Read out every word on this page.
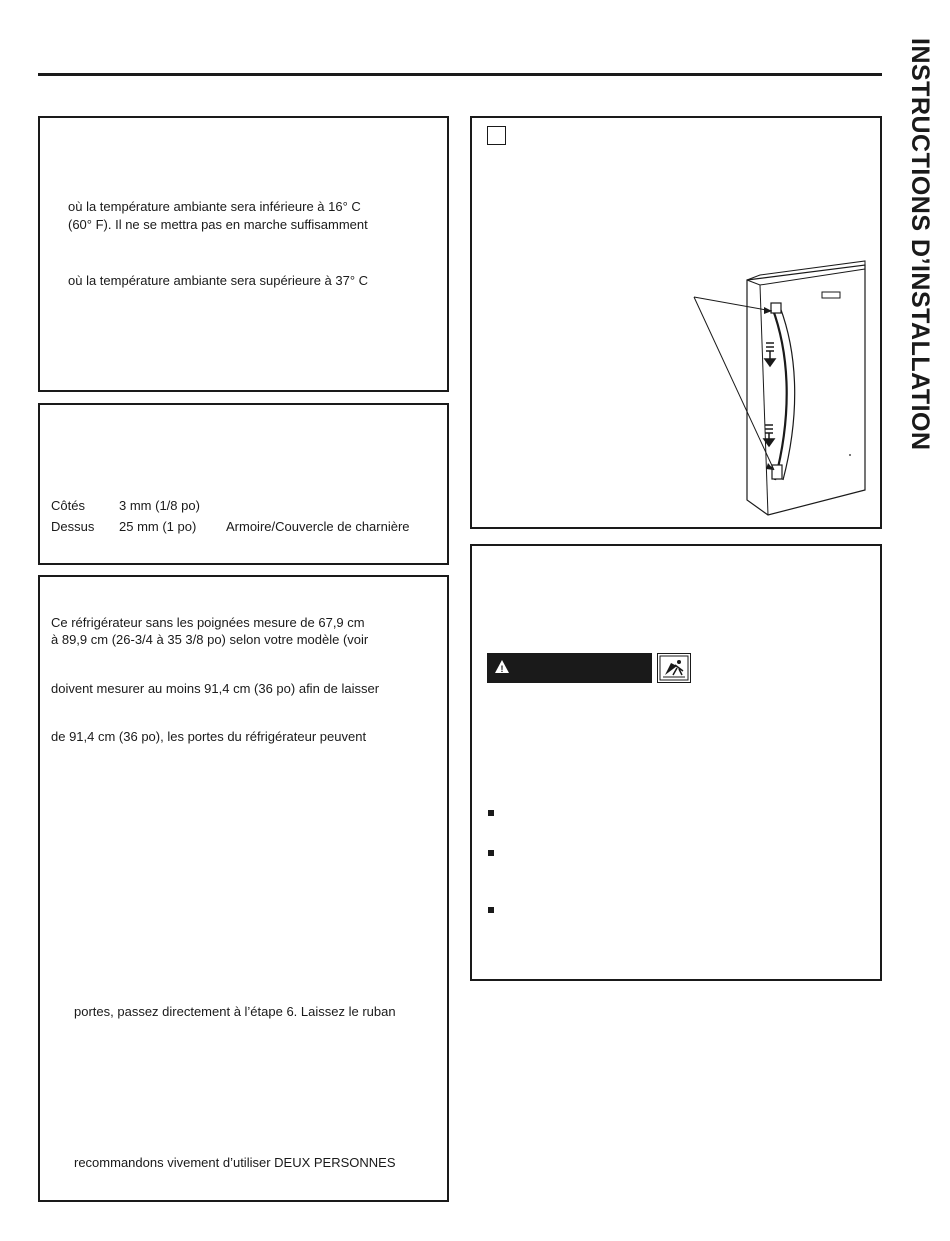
INSTRUCTIONS D’INSTALLATION
où la température ambiante sera inférieure à 16° C
(60° F). Il ne se mettra pas en marche suffisamment
où la température ambiante sera supérieure à 37° C
Côtés	3 mm (1/8 po)
Dessus 25 mm (1 po) Armoire/Couvercle de charnière
Ce réfrigérateur sans les poignées mesure de 67,9 cm
à 89,9 cm (26-3/4 à 35 3/8 po) selon votre modèle (voir
doivent mesurer au moins 91,4 cm (36 po) afin de laisser
de 91,4 cm (36 po), les portes du réfrigérateur peuvent
portes, passez directement à l’étape 6. Laissez le ruban
recommandons vivement d’utiliser DEUX PERSONNES
!
